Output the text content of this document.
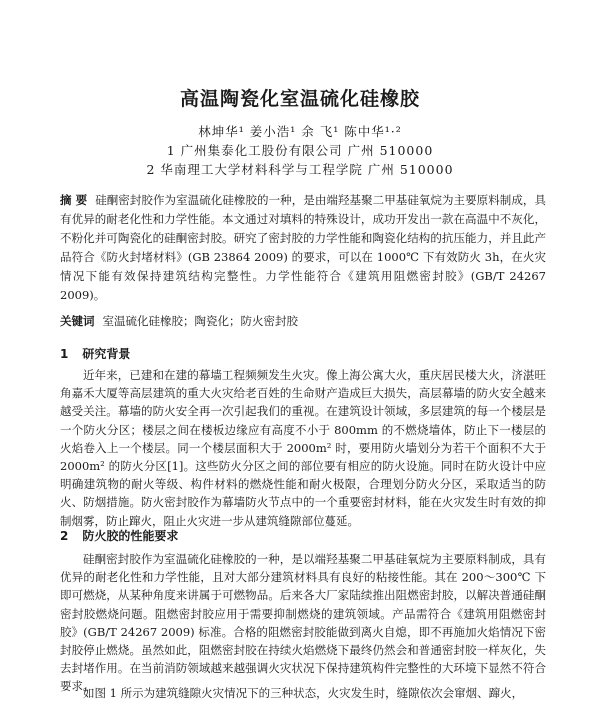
高温陶瓷化室温硫化硅橡胶
林坤华¹ 姜小浩¹ 余 飞¹ 陈中华¹·²
1 广州集泰化工股份有限公司 广州 510000
2 华南理工大学材料科学与工程学院 广州 510000
摘 要 硅酮密封胶作为室温硫化硅橡胶的一种，是由端羟基聚二甲基硅氧烷为主要原料制成，具有优异的耐老化性和力学性能。本文通过对填料的特殊设计，成功开发出一款在高温中不灰化，不粉化并可陶瓷化的硅酮密封胶。研究了密封胶的力学性能和陶瓷化结构的抗压能力，并且此产品符合《防火封堵材料》(GB 23864 2009) 的要求，可以在 1000℃ 下有效防火 3h，在火灾情况下能有效保持建筑结构完整性。力学性能符合《建筑用阻燃密封胶》(GB/T 24267 2009)。
关键词 室温硫化硅橡胶；陶瓷化；防火密封胶
1 研究背景
近年来，已建和在建的幕墙工程频频发生火灾。像上海公寓大火，重庆居民楼大火，济湛旺角嘉禾大厦等高层建筑的重大火灾给老百姓的生命财产造成巨大损失，高层幕墙的防火安全越来越受关注。幕墙的防火安全再一次引起我们的重视。在建筑设计领域，多层建筑的每一个楼层是一个防火分区；楼层之间在楼板边缘应有高度不小于 800mm 的不燃烧墙体，防止下一楼层的火焰卷入上一个楼层。同一个楼层面积大于 2000m² 时，要用防火墙划分为若干个面积不大于 2000m² 的防火分区[1]。这些防火分区之间的部位要有相应的防火设施。同时在防火设计中应明确建筑物的耐火等级、构件材料的燃烧性能和耐火极限，合理划分防火分区，采取适当的防火、防烟措施。防火密封胶作为幕墙防火节点中的一个重要密封材料，能在火灾发生时有效的抑制烟雾，防止蹿火，阻止火灾进一步从建筑缝隙部位蔓延。
2 防火胶的性能要求
硅酮密封胶作为室温硫化硅橡胶的一种，是以端羟基聚二甲基硅氧烷为主要原料制成，具有优异的耐老化性和力学性能，且对大部分建筑材料具有良好的粘接性能。其在 200～300℃ 下即可燃烧，从某种角度来讲属于可燃物品。后来各大厂家陆续推出阻燃密封胶，以解决普通硅酮密封胶燃烧问题。阻燃密封胶应用于需要抑制燃烧的建筑领域。产品需符合《建筑用阻燃密封胶》(GB/T 24267 2009) 标准。合格的阻燃密封胶能做到离火自熄，即不再施加火焰情况下密封胶停止燃烧。虽然如此，阻燃密封胶在持续火焰燃烧下最终仍然会和普通密封胶一样灰化，失去封堵作用。在当前消防领域越来越强调火灾状况下保持建筑构件完整性的大环境下显然不符合要求。
如图 1 所示为建筑缝隙火灾情况下的三种状态，火灾发生时，缝隙依次会窜烟、蹿火，
